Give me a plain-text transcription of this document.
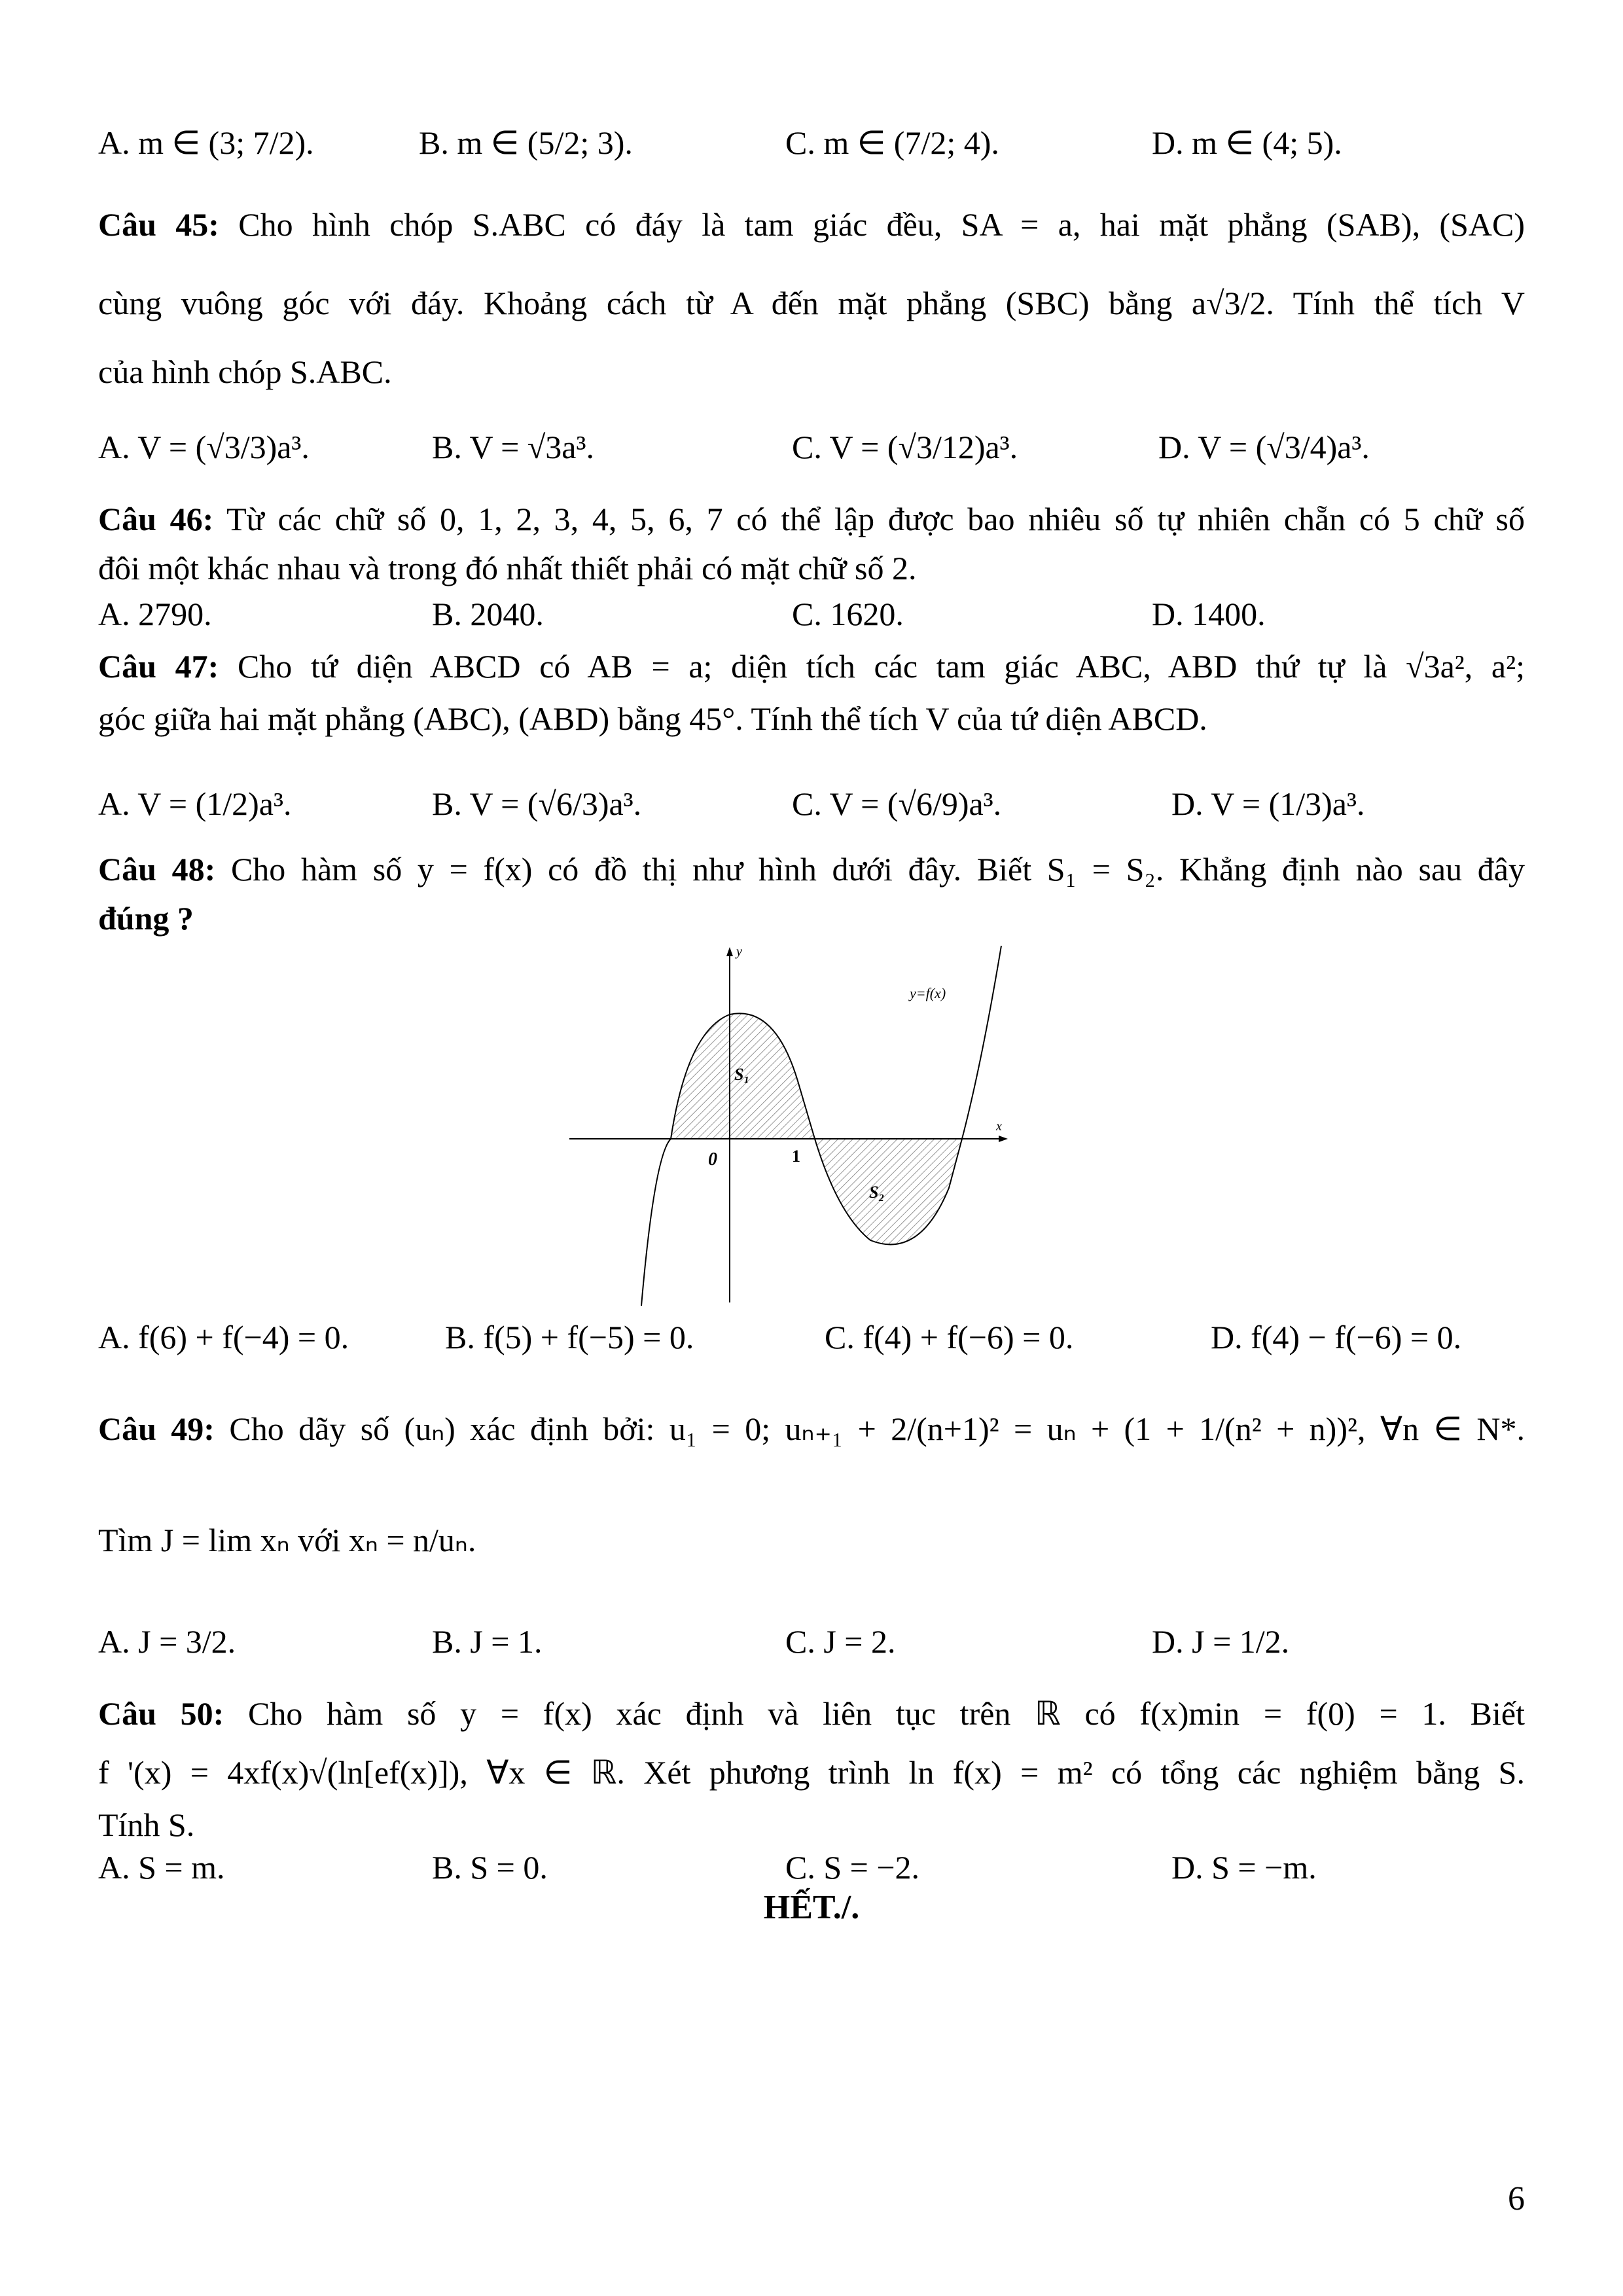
A. m ∈ (3; 7/2).	B. m ∈ (5/2; 3).	C. m ∈ (7/2; 4).	D. m ∈ (4; 5).
Câu 45: Cho hình chóp S.ABC có đáy là tam giác đều, SA = a, hai mặt phẳng (SAB), (SAC)
cùng vuông góc với đáy. Khoảng cách từ A đến mặt phẳng (SBC) bằng a√3/2. Tính thể tích V
của hình chóp S.ABC.
A. V = (√3/3)a³.	B. V = √3a³.	C. V = (√3/12)a³.	D. V = (√3/4)a³.
Câu 46: Từ các chữ số 0, 1, 2, 3, 4, 5, 6, 7 có thể lập được bao nhiêu số tự nhiên chẵn có 5 chữ số
đôi một khác nhau và trong đó nhất thiết phải có mặt chữ số 2.
A. 2790.	B. 2040.	C. 1620.	D. 1400.
Câu 47: Cho tứ diện ABCD có AB = a; diện tích các tam giác ABC, ABD thứ tự là √3a², a²;
góc giữa hai mặt phẳng (ABC), (ABD) bằng 45°. Tính thể tích V của tứ diện ABCD.
A. V = (1/2)a³.	B. V = (√6/3)a³.	C. V = (√6/9)a³.	D. V = (1/3)a³.
Câu 48: Cho hàm số y = f(x) có đồ thị như hình dưới đây. Biết S₁ = S₂. Khẳng định nào sau đây
đúng ?
y
x
y=f(x)
0	1
S₁
S₂
A. f(6) + f(−4) = 0.	B. f(5) + f(−5) = 0.	C. f(4) + f(−6) = 0.	D. f(4) − f(−6) = 0.
Câu 49: Cho dãy số (uₙ) xác định bởi: u₁ = 0; uₙ₊₁ + 2/(n+1)² = uₙ + (1 + 1/(n² + n))², ∀n ∈ N*.
Tìm J = lim xₙ với xₙ = n/uₙ.
A. J = 3/2.	B. J = 1.	C. J = 2.	D. J = 1/2.
Câu 50: Cho hàm số y = f(x) xác định và liên tục trên ℝ có f(x)min = f(0) = 1. Biết
f '(x) = 4xf(x)√(ln[ef(x)]), ∀x ∈ ℝ. Xét phương trình ln f(x) = m² có tổng các nghiệm bằng S.
Tính S.
A. S = m.	B. S = 0.	C. S = −2.	D. S = −m.
HẾT./.
6
